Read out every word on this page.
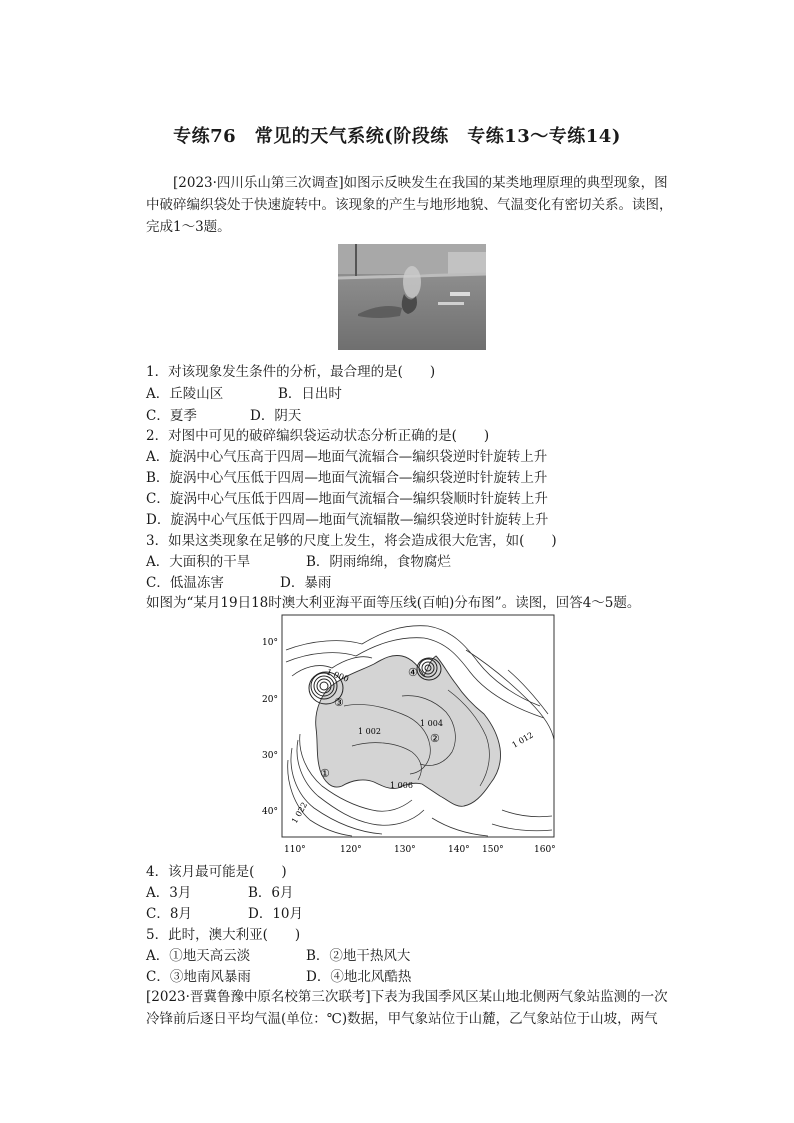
专练76　常见的天气系统(阶段练　专练13～专练14)
[2023·四川乐山第三次调查]如图示反映发生在我国的某类地理原理的典型现象，图中破碎编织袋处于快速旋转中。该现象的产生与地形地貌、气温变化有密切关系。读图，完成1～3题。
1．对该现象发生条件的分析，最合理的是(　　)
A．丘陵山区	B．日出时
C．夏季	D．阴天
2．对图中可见的破碎编织袋运动状态分析正确的是(　　)
A．旋涡中心气压高于四周—地面气流辐合—编织袋逆时针旋转上升
B．旋涡中心气压低于四周—地面气流辐合—编织袋逆时针旋转上升
C．旋涡中心气压低于四周—地面气流辐合—编织袋顺时针旋转上升
D．旋涡中心气压低于四周—地面气流辐散—编织袋逆时针旋转上升
3．如果这类现象在足够的尺度上发生，将会造成很大危害，如(　　)
A．大面积的干旱	B．阴雨绵绵，食物腐烂
C．低温冻害	D．暴雨
如图为“某月19日18时澳大利亚海平面等压线(百帕)分布图”。读图，回答4～5题。
10°
20°
30°
40°
110°	120°	130°	140° 150°	160°
1 000
1 004
1 002
1 006
1 012
1 022
①
②
③
④
4．该月最可能是(　　)
A．3月	B．6月
C．8月	D．10月
5．此时，澳大利亚(　　)
A．①地天高云淡	B．②地干热风大
C．③地南风暴雨	D．④地北风酷热
[2023·晋冀鲁豫中原名校第三次联考]下表为我国季风区某山地北侧两气象站监测的一次冷锋前后逐日平均气温(单位：℃)数据，甲气象站位于山麓，乙气象站位于山坡，两气
